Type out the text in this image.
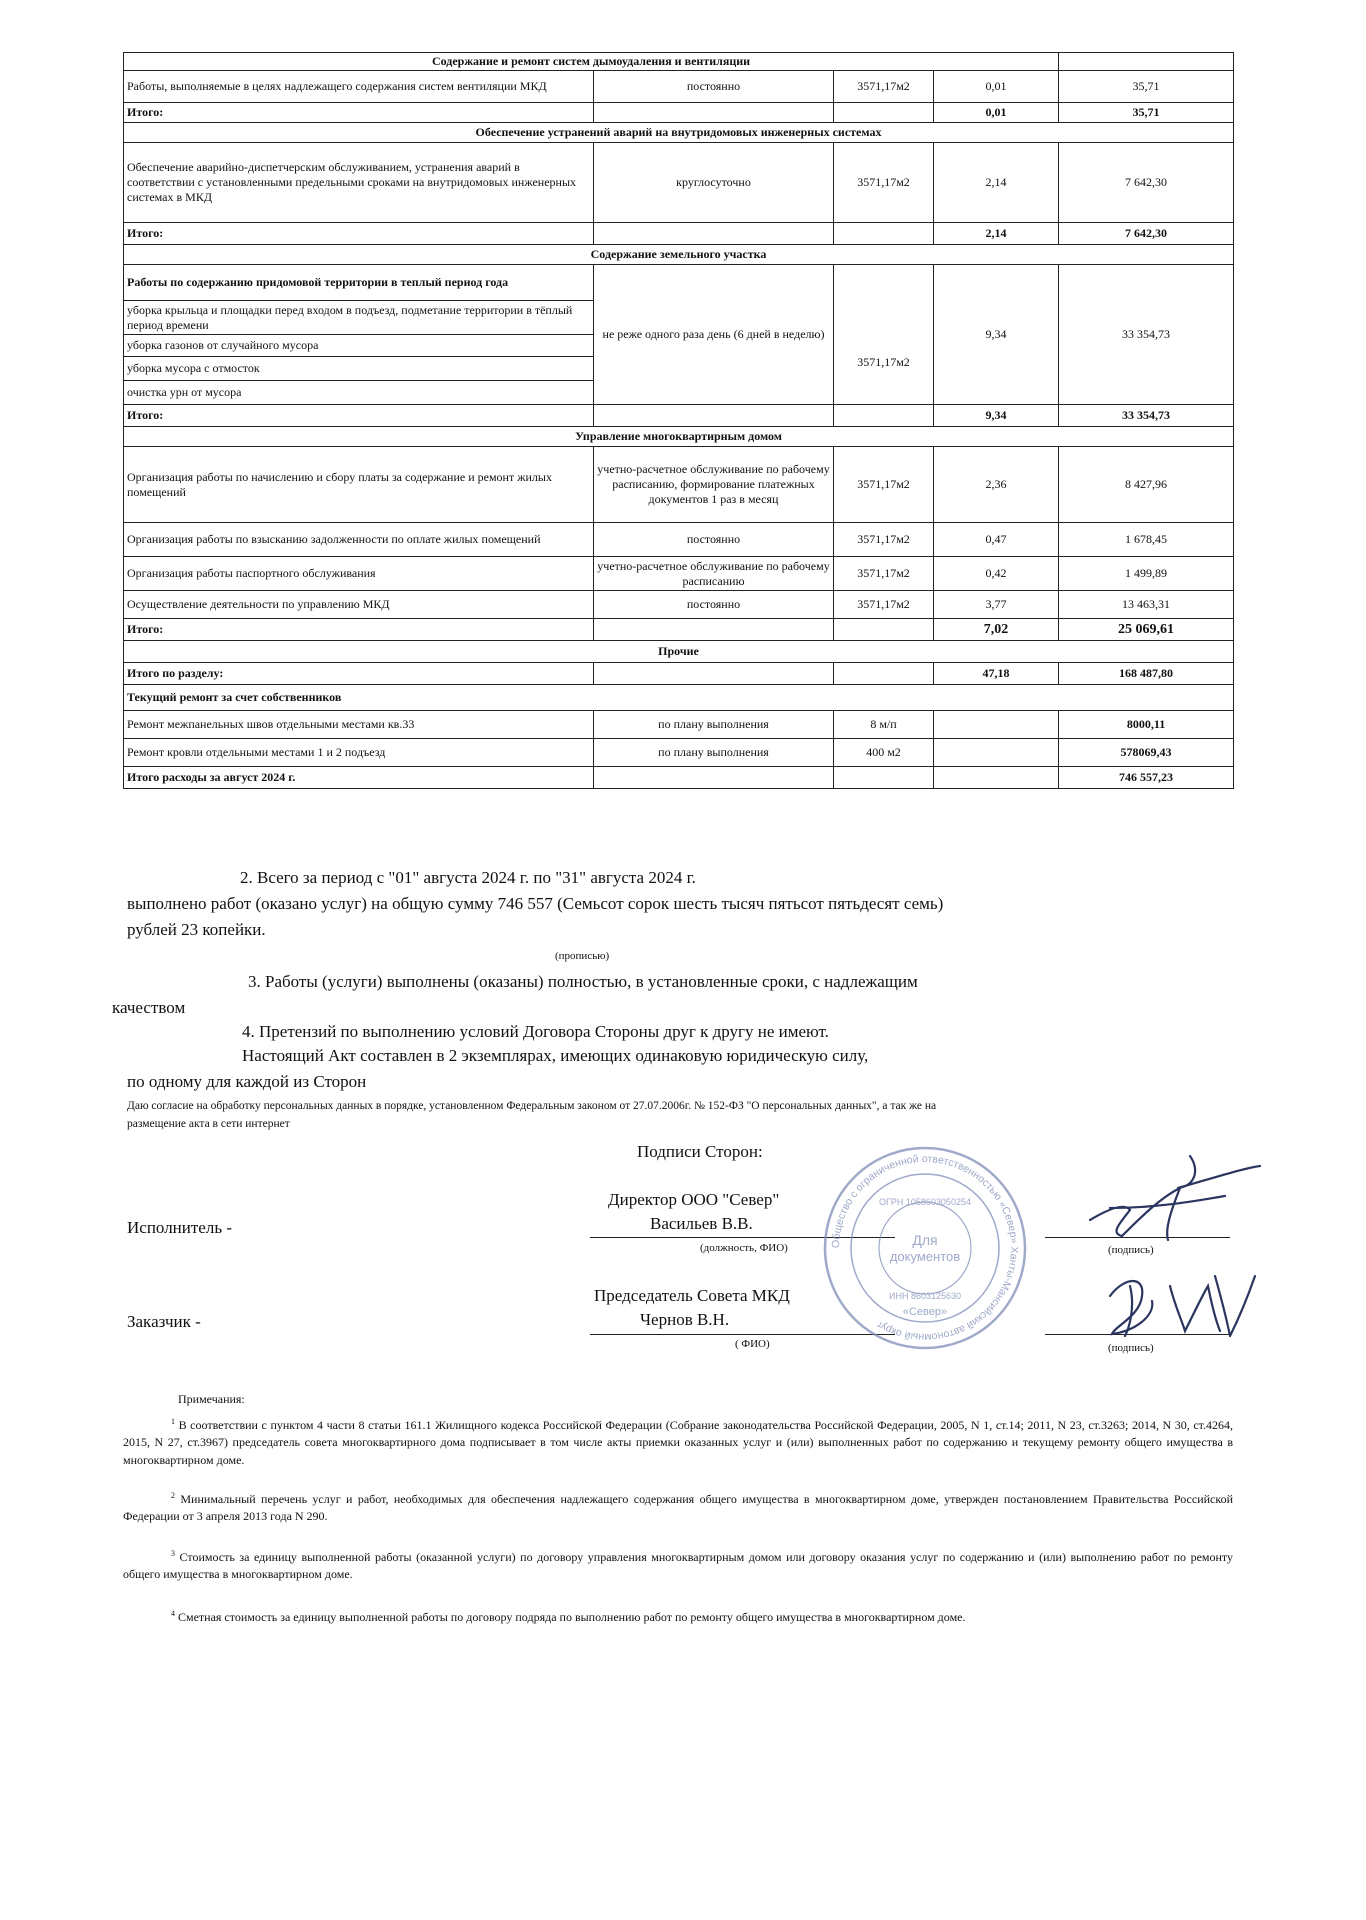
Содержание и ремонт систем дымоудаления и вентиляции				
Работы, выполняемые в целях надлежащего содержания систем вентиляции МКД	постоянно	3571,17м2	0,01	35,71
Итого:			0,01	35,71
Обеспечение устранений аварий на внутридомовых инженерных системах				
Обеспечение аварийно-диспетчерским обслуживанием, устранения аварий в соответствии с установленными предельными сроками на внутридомовых инженерных системах в МКД	круглосуточно	3571,17м2	2,14	7 642,30
Итого:			2,14	7 642,30
Содержание земельного участка				
Работы по содержанию придомовой территории в теплый период года	не реже одного раза день (6 дней в неделю)	3571,17м2	9,34	33 354,73
уборка крыльца и площадки перед входом в подъезд, подметание территории в тёплый период времени				
уборка газонов от случайного мусора				
уборка мусора с отмосток				
очистка урн от мусора				
Итого:			9,34	33 354,73
Управление многоквартирным домом				
Организация работы по начислению и сбору платы за содержание и ремонт жилых помещений	учетно-расчетное обслуживание по рабочему расписанию, формирование платежных документов 1 раз в месяц	3571,17м2	2,36	8 427,96
Организация работы по взысканию задолженности по оплате жилых помещений	постоянно	3571,17м2	0,47	1 678,45
Организация работы паспортного обслуживания	учетно-расчетное обслуживание по рабочему расписанию	3571,17м2	0,42	1 499,89
Осуществление деятельности по управлению МКД	постоянно	3571,17м2	3,77	13 463,31
Итого:			7,02	25 069,61
Прочие				
Итого по разделу:			47,18	168 487,80
Текущий ремонт за счет собственников				
Ремонт межпанельных швов отдельными местами кв.33	по плану выполнения	8 м/п		8000,11
Ремонт кровли отдельными местами 1 и 2 подъезд	по плану выполнения	400 м2		578069,43
Итого расходы за август 2024 г.				746 557,23
2. Всего за период с "01" августа 2024 г. по "31" августа 2024 г.
выполнено работ (оказано услуг) на общую сумму 746 557 (Семьсот сорок шесть тысяч пятьсот пятьдесят семь)
рублей 23 копейки.
(прописью)
3. Работы (услуги) выполнены (оказаны) полностью, в установленные сроки, с надлежащим
качеством
4. Претензий по выполнению условий Договора Стороны друг к другу не имеют.
Настоящий Акт составлен в 2 экземплярах, имеющих одинаковую юридическую силу,
по одному для каждой из Сторон
Даю согласие на обработку персональных данных в порядке, установленном Федеральным законом от 27.07.2006г. № 152-ФЗ "О персональных данных", а так же на
размещение акта в сети интернет
Подписи Сторон:
Директор ООО "Север"
Исполнитель -	Васильев В.В.
(должность, ФИО)	(подпись)
Председатель Совета МКД
Заказчик -	Чернов В.Н.
( ФИО)	(подпись)
Общество с ограниченной ответственностью «Север» Ханты-Мансийский автономный округ
ОГРН 1058603050254
Для
документов
ИНН 8603125630
«Север»
Примечания:
$^1$ В соответствии с пунктом 4 части 8 статьи 161.1 Жилищного кодекса Российской Федерации (Собрание законодательства Российской Федерации, 2005, N 1, ст.14; 2011, N 23, ст.3263; 2014, N 30, ст.4264, 2015, N 27, ст.3967) председатель совета многоквартирного дома подписывает в том числе акты приемки оказанных услуг и (или) выполненных работ по содержанию и текущему ремонту общего имущества в многоквартирном доме.
$^2$ Минимальный перечень услуг и работ, необходимых для обеспечения надлежащего содержания общего имущества в многоквартирном доме, утвержден постановлением Правительства Российской Федерации от 3 апреля 2013 года N 290.
$^3$ Стоимость за единицу выполненной работы (оказанной услуги) по договору управления многоквартирным домом или договору оказания услуг по содержанию и (или) выполнению работ по ремонту общего имущества в многоквартирном доме.
$^4$ Сметная стоимость за единицу выполненной работы по договору подряда по выполнению работ по ремонту общего имущества в многоквартирном доме.
